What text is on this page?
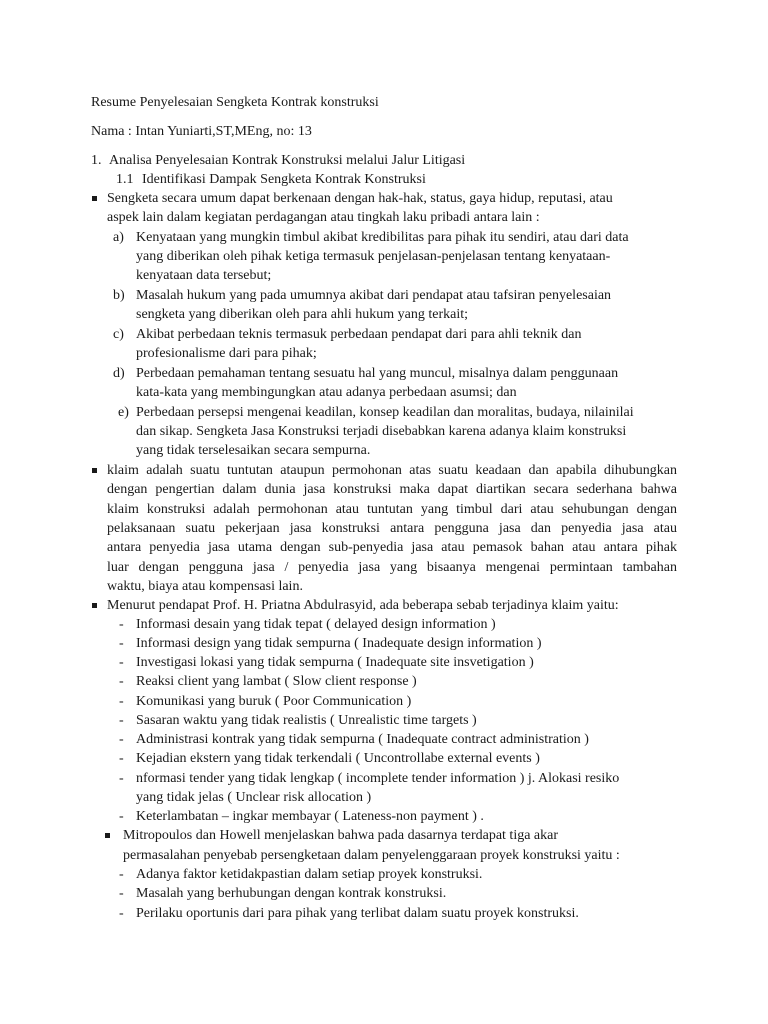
Resume Penyelesaian Sengketa Kontrak konstruksi
Nama : Intan Yuniarti,ST,MEng, no: 13
1. Analisa Penyelesaian Kontrak Konstruksi melalui Jalur Litigasi
1.1 Identifikasi Dampak Sengketa Kontrak Konstruksi
Sengketa secara umum dapat berkenaan dengan hak-hak, status, gaya hidup, reputasi, atau
aspek lain dalam kegiatan perdagangan atau tingkah laku pribadi antara lain :
a) Kenyataan yang mungkin timbul akibat kredibilitas para pihak itu sendiri, atau dari data
yang diberikan oleh pihak ketiga termasuk penjelasan-penjelasan tentang kenyataan-
kenyataan data tersebut;
b) Masalah hukum yang pada umumnya akibat dari pendapat atau tafsiran penyelesaian
sengketa yang diberikan oleh para ahli hukum yang terkait;
c) Akibat perbedaan teknis termasuk perbedaan pendapat dari para ahli teknik dan
profesionalisme dari para pihak;
d) Perbedaan pemahaman tentang sesuatu hal yang muncul, misalnya dalam penggunaan
kata-kata yang membingungkan atau adanya perbedaan asumsi; dan
e) Perbedaan persepsi mengenai keadilan, konsep keadilan dan moralitas, budaya, nilainilai
dan sikap. Sengketa Jasa Konstruksi terjadi disebabkan karena adanya klaim konstruksi
yang tidak terselesaikan secara sempurna.
klaim adalah suatu tuntutan ataupun permohonan atas suatu keadaan dan apabila dihubungkan
dengan pengertian dalam dunia jasa konstruksi maka dapat diartikan secara sederhana bahwa
klaim konstruksi adalah permohonan atau tuntutan yang timbul dari atau sehubungan dengan
pelaksanaan suatu pekerjaan jasa konstruksi antara pengguna jasa dan penyedia jasa atau
antara penyedia jasa utama dengan sub-penyedia jasa atau pemasok bahan atau antara pihak
luar dengan pengguna jasa / penyedia jasa yang bisaanya mengenai permintaan tambahan
waktu, biaya atau kompensasi lain.
Menurut pendapat Prof. H. Priatna Abdulrasyid, ada beberapa sebab terjadinya klaim yaitu:
- Informasi desain yang tidak tepat ( delayed design information )
- Informasi design yang tidak sempurna ( Inadequate design information )
- Investigasi lokasi yang tidak sempurna ( Inadequate site insvetigation )
- Reaksi client yang lambat ( Slow client response )
- Komunikasi yang buruk ( Poor Communication )
- Sasaran waktu yang tidak realistis ( Unrealistic time targets )
- Administrasi kontrak yang tidak sempurna ( Inadequate contract administration )
- Kejadian ekstern yang tidak terkendali ( Uncontrollabe external events )
- nformasi tender yang tidak lengkap ( incomplete tender information ) j. Alokasi resiko
yang tidak jelas ( Unclear risk allocation )
- Keterlambatan – ingkar membayar ( Lateness-non payment ) .
Mitropoulos dan Howell menjelaskan bahwa pada dasarnya terdapat tiga akar
permasalahan penyebab persengketaan dalam penyelenggaraan proyek konstruksi yaitu :
- Adanya faktor ketidakpastian dalam setiap proyek konstruksi.
- Masalah yang berhubungan dengan kontrak konstruksi.
- Perilaku oportunis dari para pihak yang terlibat dalam suatu proyek konstruksi.
